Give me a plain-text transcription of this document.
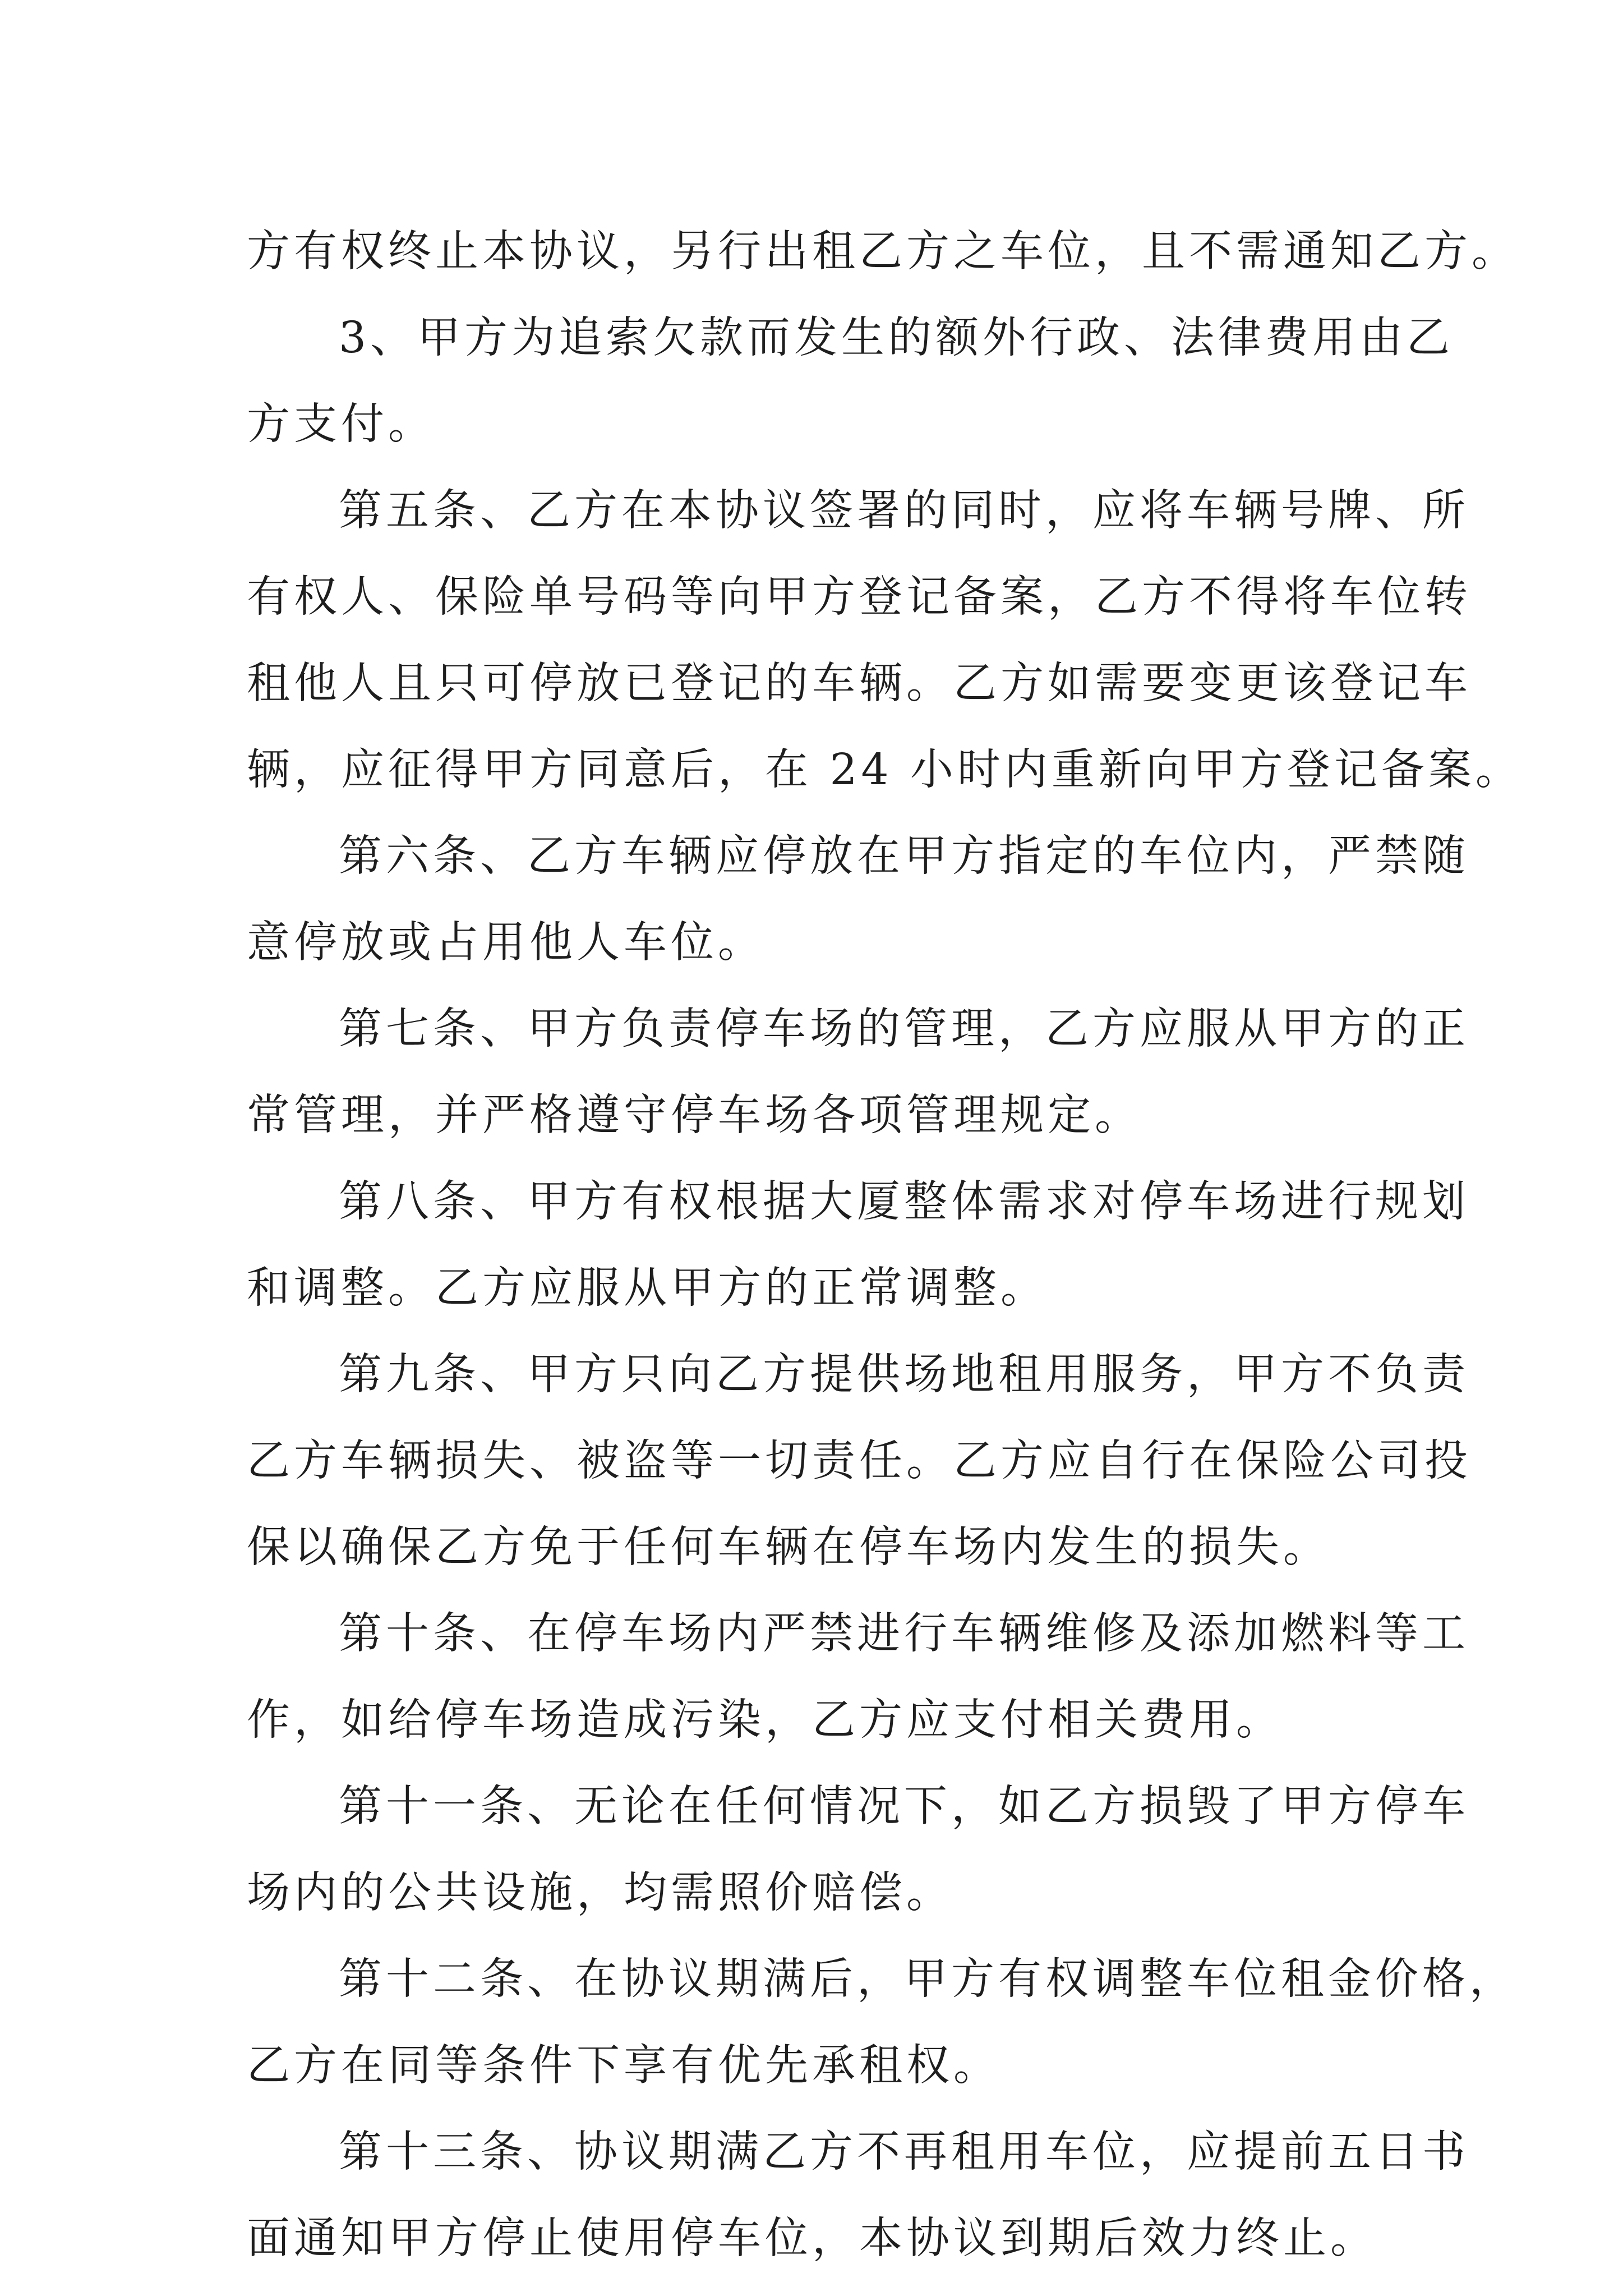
方有权终止本协议，另行出租乙方之车位，且不需通知乙方。
3、甲方为追索欠款而发生的额外行政、法律费用由乙
方支付。
第五条、乙方在本协议签署的同时，应将车辆号牌、所
有权人、保险单号码等向甲方登记备案，乙方不得将车位转
租他人且只可停放已登记的车辆。乙方如需要变更该登记车
辆，应征得甲方同意后，在 24 小时内重新向甲方登记备案。
第六条、乙方车辆应停放在甲方指定的车位内，严禁随
意停放或占用他人车位。
第七条、甲方负责停车场的管理，乙方应服从甲方的正
常管理，并严格遵守停车场各项管理规定。
第八条、甲方有权根据大厦整体需求对停车场进行规划
和调整。乙方应服从甲方的正常调整。
第九条、甲方只向乙方提供场地租用服务，甲方不负责
乙方车辆损失、被盗等一切责任。乙方应自行在保险公司投
保以确保乙方免于任何车辆在停车场内发生的损失。
第十条、在停车场内严禁进行车辆维修及添加燃料等工
作，如给停车场造成污染，乙方应支付相关费用。
第十一条、无论在任何情况下，如乙方损毁了甲方停车
场内的公共设施，均需照价赔偿。
第十二条、在协议期满后，甲方有权调整车位租金价格，
乙方在同等条件下享有优先承租权。
第十三条、协议期满乙方不再租用车位，应提前五日书
面通知甲方停止使用停车位，本协议到期后效力终止。
